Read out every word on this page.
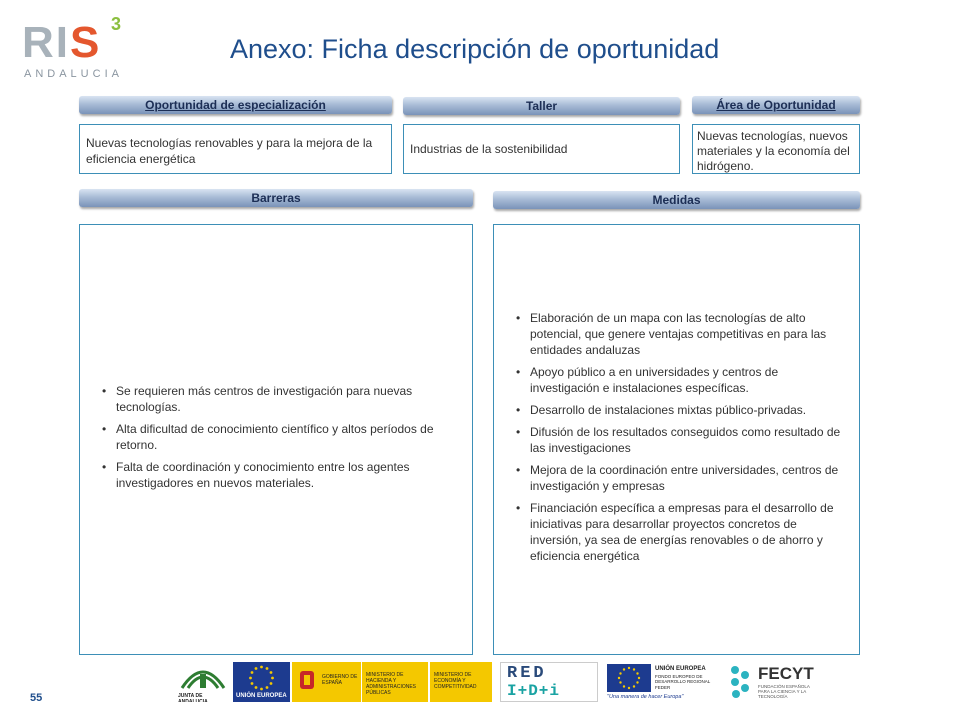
RIS 3
ANDALUCIA
Anexo: Ficha descripción de oportunidad
Oportunidad de especialización	Taller	Área de Oportunidad
Nuevas tecnologías renovables y para la mejora de la eficiencia energética
Industrias de la sostenibilidad
Nuevas tecnologías, nuevos materiales y la economía del hidrógeno.
Barreras	Medidas
• Se requieren más centros de investigación para nuevas tecnologías.
• Alta dificultad de conocimiento científico y altos períodos de retorno.
• Falta de coordinación y conocimiento entre los agentes investigadores en nuevos materiales.
• Elaboración de un mapa con las tecnologías de alto potencial, que genere ventajas competitivas en para las entidades andaluzas
• Apoyo público a en universidades y centros de investigación e instalaciones específicas.
• Desarrollo de instalaciones mixtas público-privadas.
• Difusión de los resultados conseguidos como resultado de las investigaciones
• Mejora de la coordinación entre universidades, centros de investigación y empresas
• Financiación específica a empresas para el desarrollo de iniciativas para desarrollar proyectos concretos de inversión, ya sea de energías renovables o de ahorro y eficiencia energética
55	JUNTA DE ANDALUCIA
UNIÓN EUROPEA
GOBIERNO DE ESPAÑA
MINISTERIO DE HACIENDA Y ADMINISTRACIONES PÚBLICAS
MINISTERIO DE ECONOMÍA Y COMPETITIVIDAD
RED
I+D+i
UNIÓN EUROPEA
FONDO EUROPEO DE DESARROLLO REGIONAL
FEDER
"Una manera de hacer Europa"
FECYT
FUNDACIÓN ESPAÑOLA PARA LA CIENCIA Y LA TECNOLOGÍA
